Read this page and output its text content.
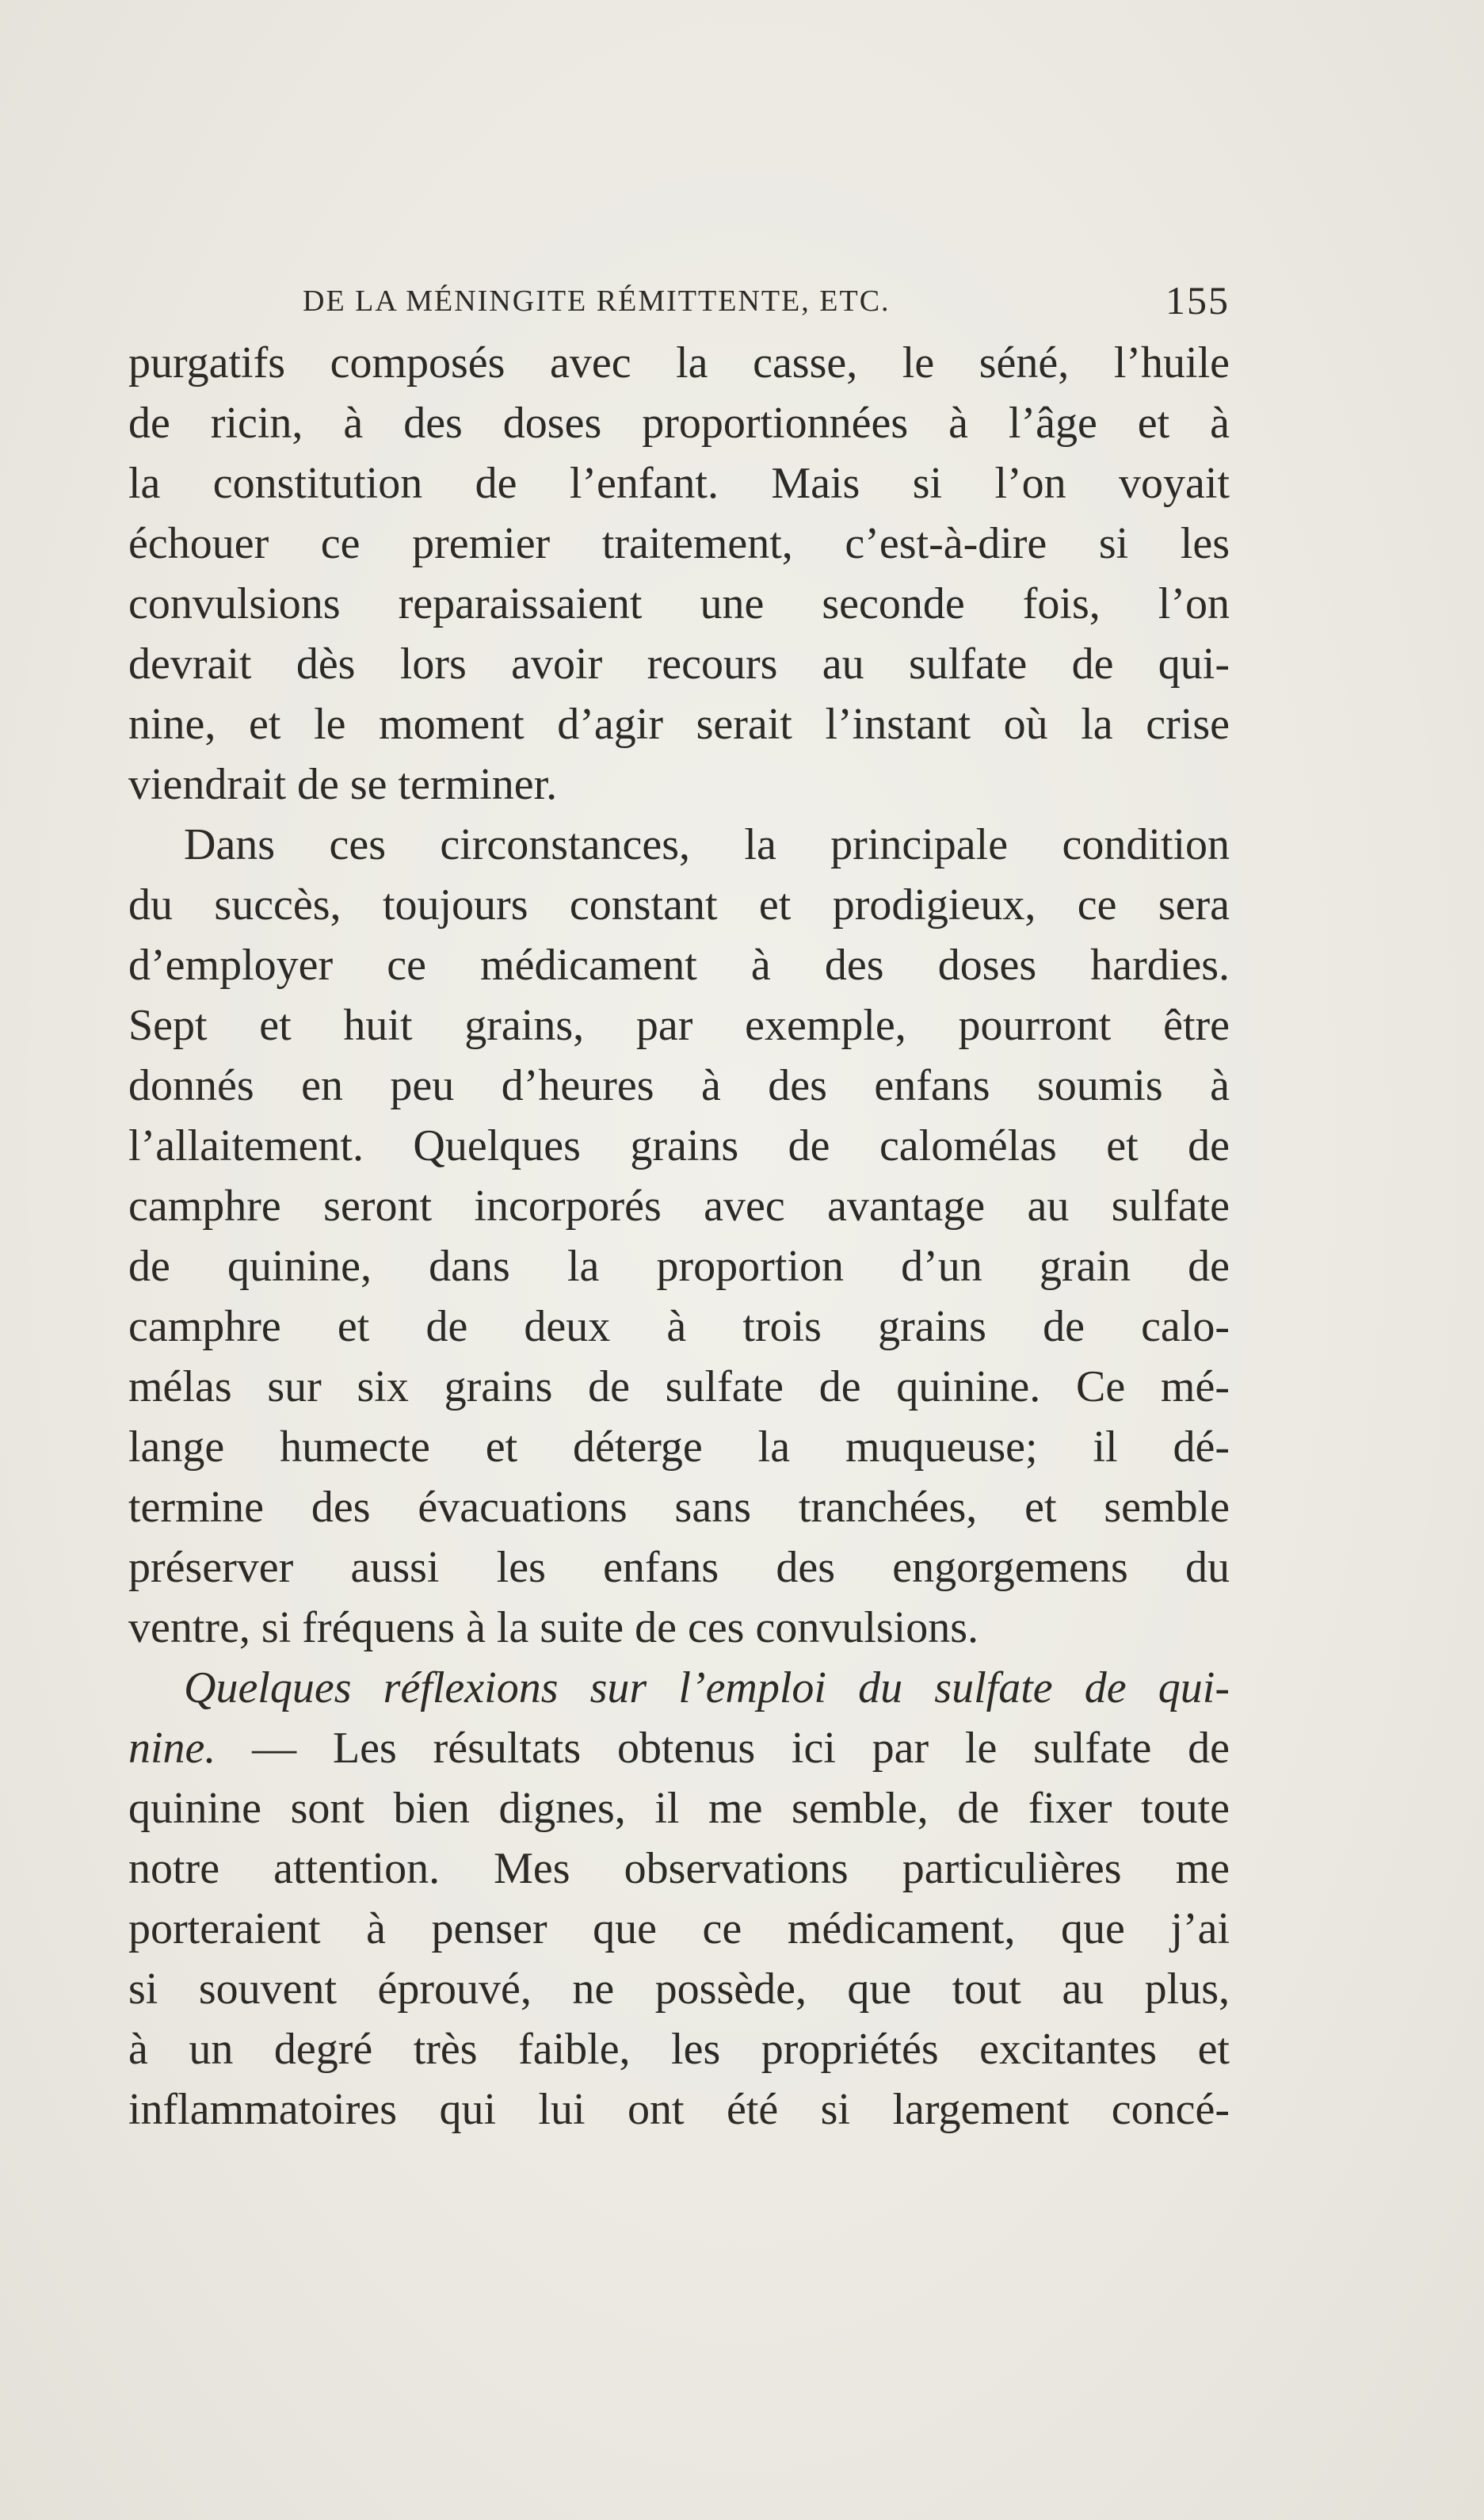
DE LA MÉNINGITE RÉMITTENTE, ETC.	155

purgatifs composés avec la casse, le séné, l’huile
de ricin, à des doses proportionnées à l’âge et à
la constitution de l’enfant. Mais si l’on voyait
échouer ce premier traitement, c’est-à-dire si les
convulsions reparaissaient une seconde fois, l’on
devrait dès lors avoir recours au sulfate de qui-
nine, et le moment d’agir serait l’instant où la crise
viendrait de se terminer.

Dans ces circonstances, la principale condition
du succès, toujours constant et prodigieux, ce sera
d’employer ce médicament à des doses hardies.
Sept et huit grains, par exemple, pourront être
donnés en peu d’heures à des enfans soumis à
l’allaitement. Quelques grains de calomélas et de
camphre seront incorporés avec avantage au sulfate
de quinine, dans la proportion d’un grain de
camphre et de deux à trois grains de calo-
mélas sur six grains de sulfate de quinine. Ce mé-
lange humecte et déterge la muqueuse; il dé-
termine des évacuations sans tranchées, et semble
préserver aussi les enfans des engorgemens du
ventre, si fréquens à la suite de ces convulsions.

Quelques réflexions sur l’emploi du sulfate de qui-
nine. — Les résultats obtenus ici par le sulfate de
quinine sont bien dignes, il me semble, de fixer toute
notre attention. Mes observations particulières me
porteraient à penser que ce médicament, que j’ai
si souvent éprouvé, ne possède, que tout au plus,
à un degré très faible, les propriétés excitantes et
inflammatoires qui lui ont été si largement concé-
